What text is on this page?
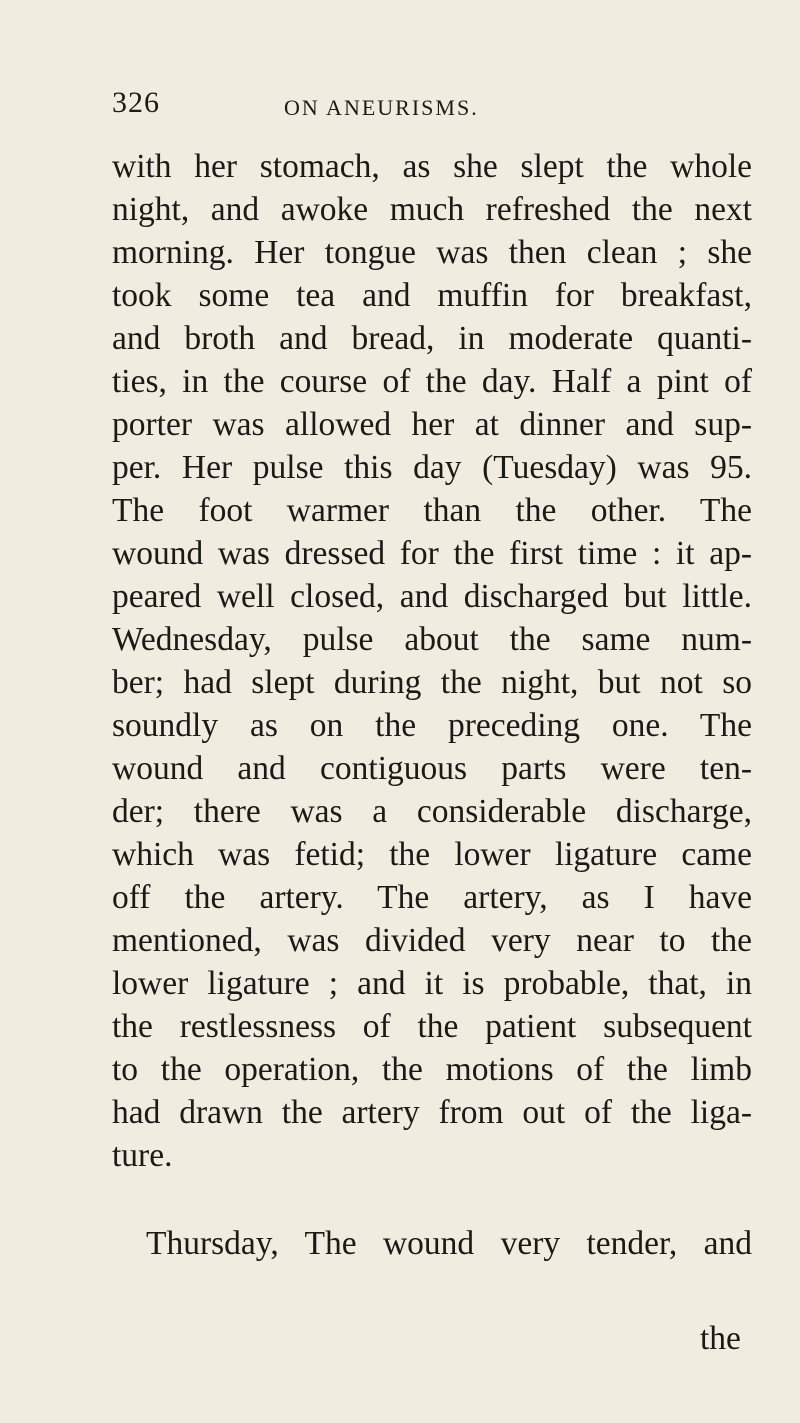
326	ON ANEURISMS.
with her stomach, as she slept the whole
night, and awoke much refreshed the next
morning. Her tongue was then clean ; she
took some tea and muffin for breakfast,
and broth and bread, in moderate quanti-
ties, in the course of the day. Half a pint of
porter was allowed her at dinner and sup-
per. Her pulse this day (Tuesday) was 95.
The foot warmer than the other. The
wound was dressed for the first time : it ap-
peared well closed, and discharged but little.
Wednesday, pulse about the same num-
ber; had slept during the night, but not so
soundly as on the preceding one. The
wound and contiguous parts were ten-
der; there was a considerable discharge,
which was fetid; the lower ligature came
off the artery. The artery, as I have
mentioned, was divided very near to the
lower ligature ; and it is probable, that, in
the restlessness of the patient subsequent
to the operation, the motions of the limb
had drawn the artery from out of the liga-
ture.
Thursday, The wound very tender, and
the
